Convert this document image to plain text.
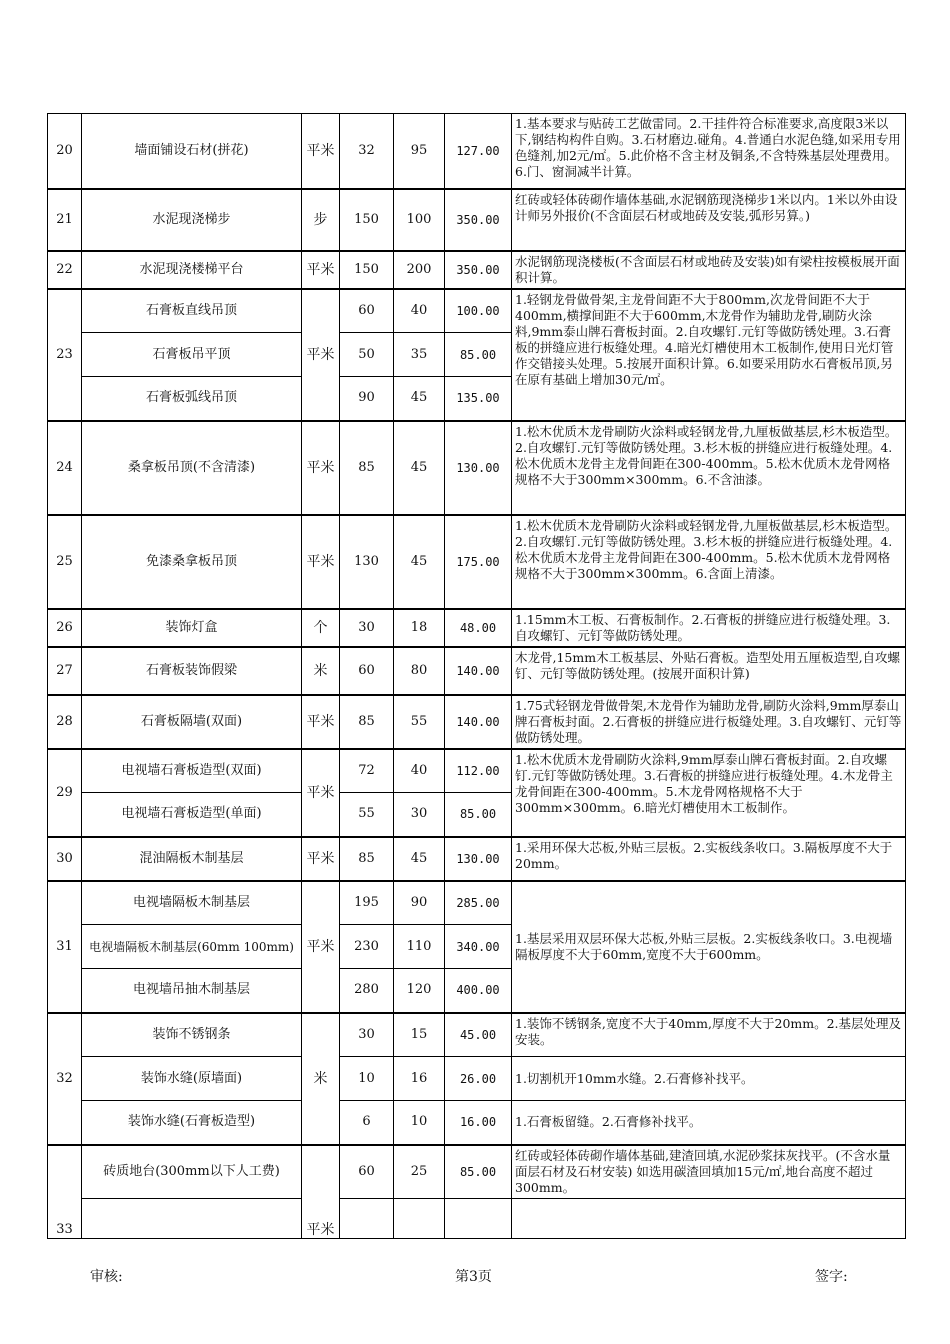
20	墙面铺设石材(拼花)	平米	32	95	127.00	1.基本要求与贴砖工艺做雷同。2.干挂件符合标准要求,高度限3米以下,钢结构构件自购。3.石材磨边.碰角。4.普通白水泥色缝,如采用专用色缝剂,加2元/㎡。5.此价格不含主材及铜条,不含特殊基层处理费用。6.门、窗洞减半计算。
21	水泥现浇梯步	步	150	100	350.00	红砖或轻体砖砌作墙体基础,水泥钢筋现浇梯步1米以内。1米以外由设计师另外报价(不含面层石材或地砖及安装,弧形另算。)
22	水泥现浇楼梯平台	平米	150	200	350.00	水泥钢筋现浇楼板(不含面层石材或地砖及安装)如有梁柱按模板展开面积计算。
23	石膏板直线吊顶	平米	60	40	100.00	1.轻钢龙骨做骨架,主龙骨间距不大于800mm,次龙骨间距不大于400mm,横撑间距不大于600mm,木龙骨作为辅助龙骨,刷防火涂料,9mm泰山牌石膏板封面。2.自攻螺钉.元钉等做防锈处理。3.石膏板的拼缝应进行板缝处理。4.暗光灯槽使用木工板制作,使用日光灯管作交错接头处理。5.按展开面积计算。6.如要采用防水石膏板吊顶,另在原有基础上增加30元/㎡。
	石膏板吊平顶		50	35	85.00	
	石膏板弧线吊顶		90	45	135.00	
24	桑拿板吊顶(不含清漆)	平米	85	45	130.00	1.松木优质木龙骨刷防火涂料或轻钢龙骨,九厘板做基层,杉木板造型。2.自攻螺钉.元钉等做防锈处理。3.杉木板的拼缝应进行板缝处理。4.松木优质木龙骨主龙骨间距在300-400mm。5.松木优质木龙骨网格规格不大于300mm×300mm。6.不含油漆。
25	免漆桑拿板吊顶	平米	130	45	175.00	1.松木优质木龙骨刷防火涂料或轻钢龙骨,九厘板做基层,杉木板造型。2.自攻螺钉.元钉等做防锈处理。3.杉木板的拼缝应进行板缝处理。4.松木优质木龙骨主龙骨间距在300-400mm。5.松木优质木龙骨网格规格不大于300mm×300mm。6.含面上清漆。
26	装饰灯盒	个	30	18	48.00	1.15mm木工板、石膏板制作。2.石膏板的拼缝应进行板缝处理。3.自攻螺钉、元钉等做防锈处理。
27	石膏板装饰假梁	米	60	80	140.00	木龙骨,15mm木工板基层、外贴石膏板。造型处用五厘板造型,自攻螺钉、元钉等做防锈处理。(按展开面积计算)
28	石膏板隔墙(双面)	平米	85	55	140.00	1.75式轻钢龙骨做骨架,木龙骨作为辅助龙骨,刷防火涂料,9mm厚泰山牌石膏板封面。2.石膏板的拼缝应进行板缝处理。3.自攻螺钉、元钉等做防锈处理。
29	电视墙石膏板造型(双面)	平米	72	40	112.00	1.松木优质木龙骨刷防火涂料,9mm厚泰山牌石膏板封面。2.自攻螺钉.元钉等做防锈处理。3.石膏板的拼缝应进行板缝处理。4.木龙骨主龙骨间距在300-400mm。5.木龙骨网格规格不大于300mm×300mm。6.暗光灯槽使用木工板制作。
	电视墙石膏板造型(单面)		55	30	85.00	
30	混油隔板木制基层	平米	85	45	130.00	1.采用环保大芯板,外贴三层板。2.实板线条收口。3.隔板厚度不大于20mm。
31	电视墙隔板木制基层	平米	195	90	285.00	1.基层采用双层环保大芯板,外贴三层板。2.实板线条收口。3.电视墙隔板厚度不大于60mm,宽度不大于600mm。
	电视墙隔板木制基层(60mm 100mm)		230	110	340.00	
	电视墙吊抽木制基层		280	120	400.00	
32	装饰不锈钢条	米	30	15	45.00	1.装饰不锈钢条,宽度不大于40mm,厚度不大于20mm。2.基层处理及安装。
	装饰水缝(原墙面)		10	16	26.00	1.切割机开10mm水缝。2.石膏修补找平。
	装饰水缝(石膏板造型)		6	10	16.00	1.石膏板留缝。2.石膏修补找平。
33	砖质地台(300mm以下人工费)	平米	60	25	85.00	红砖或轻体砖砌作墙体基础,建渣回填,水泥砂浆抹灰找平。(不含水量面层石材及石材安装) 如选用碳渣回填加15元/㎡,地台高度不超过300mm。

审核:	第3页	签字:
